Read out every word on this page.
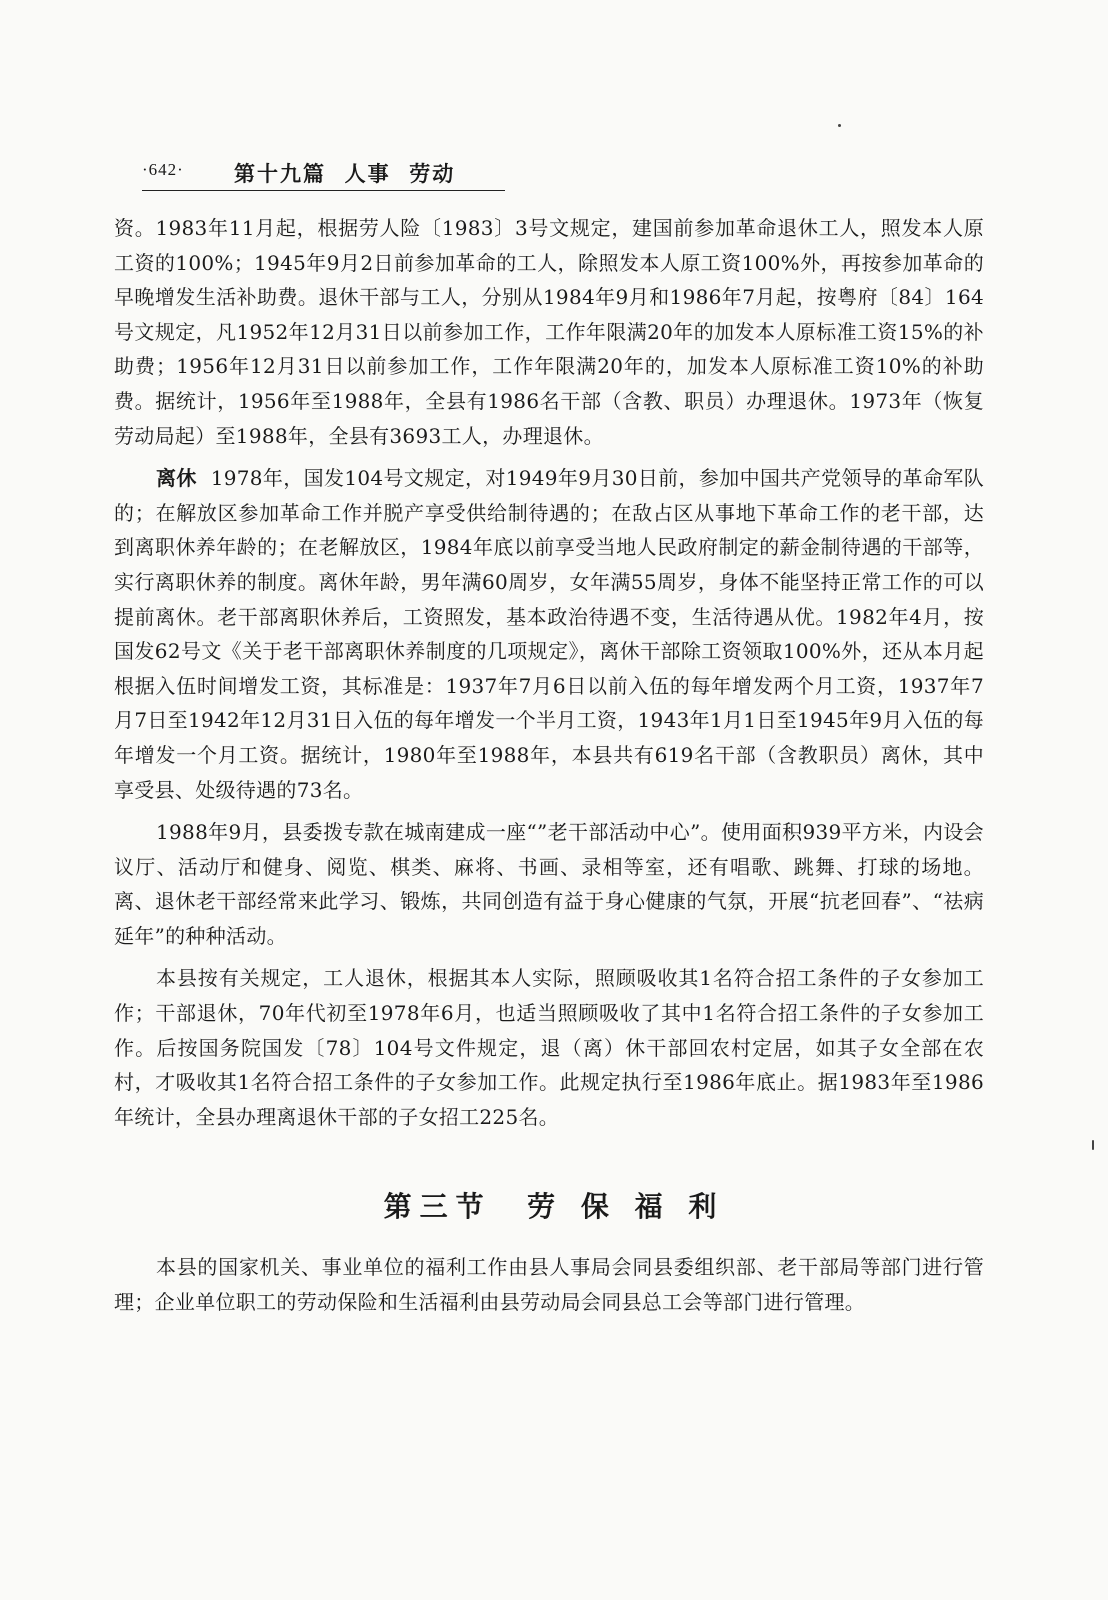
·642· 第十九篇  人事  劳动

资。1983年11月起，根据劳人险〔1983〕3号文规定，建国前参加革命退休工人，照发本人原工资的100%；1945年9月2日前参加革命的工人，除照发本人原工资100%外，再按参加革命的早晚增发生活补助费。退休干部与工人，分别从1984年9月和1986年7月起，按粤府〔84〕164号文规定，凡1952年12月31日以前参加工作，工作年限满20年的加发本人原标准工资15%的补助费；1956年12月31日以前参加工作，工作年限满20年的，加发本人原标准工资10%的补助费。据统计，1956年至1988年，全县有1986名干部（含教、职员）办理退休。1973年（恢复劳动局起）至1988年，全县有3693工人，办理退休。

离休 1978年，国发104号文规定，对1949年9月30日前，参加中国共产党领导的革命军队的；在解放区参加革命工作并脱产享受供给制待遇的；在敌占区从事地下革命工作的老干部，达到离职休养年龄的；在老解放区，1984年底以前享受当地人民政府制定的薪金制待遇的干部等，实行离职休养的制度。离休年龄，男年满60周岁，女年满55周岁，身体不能坚持正常工作的可以提前离休。老干部离职休养后，工资照发，基本政治待遇不变，生活待遇从优。1982年4月，按国发62号文《关于老干部离职休养制度的几项规定》，离休干部除工资领取100%外，还从本月起根据入伍时间增发工资，其标准是：1937年7月6日以前入伍的每年增发两个月工资，1937年7月7日至1942年12月31日入伍的每年增发一个半月工资，1943年1月1日至1945年9月入伍的每年增发一个月工资。据统计，1980年至1988年，本县共有619名干部（含教职员）离休，其中享受县、处级待遇的73名。

1988年9月，县委拨专款在城南建成一座“”老干部活动中心”。使用面积939平方米，内设会议厅、活动厅和健身、阅览、棋类、麻将、书画、录相等室，还有唱歌、跳舞、打球的场地。离、退休老干部经常来此学习、锻炼，共同创造有益于身心健康的气氛，开展“抗老回春”、“祛病延年”的种种活动。

本县按有关规定，工人退休，根据其本人实际，照顾吸收其1名符合招工条件的子女参加工作；干部退休，70年代初至1978年6月，也适当照顾吸收了其中1名符合招工条件的子女参加工作。后按国务院国发〔78〕104号文件规定，退（离）休干部回农村定居，如其子女全部在农村，才吸收其1名符合招工条件的子女参加工作。此规定执行至1986年底止。据1983年至1986年统计，全县办理离退休干部的子女招工225名。

第三节  劳 保 福 利

本县的国家机关、事业单位的福利工作由县人事局会同县委组织部、老干部局等部门进行管理；企业单位职工的劳动保险和生活福利由县劳动局会同县总工会等部门进行管理。
